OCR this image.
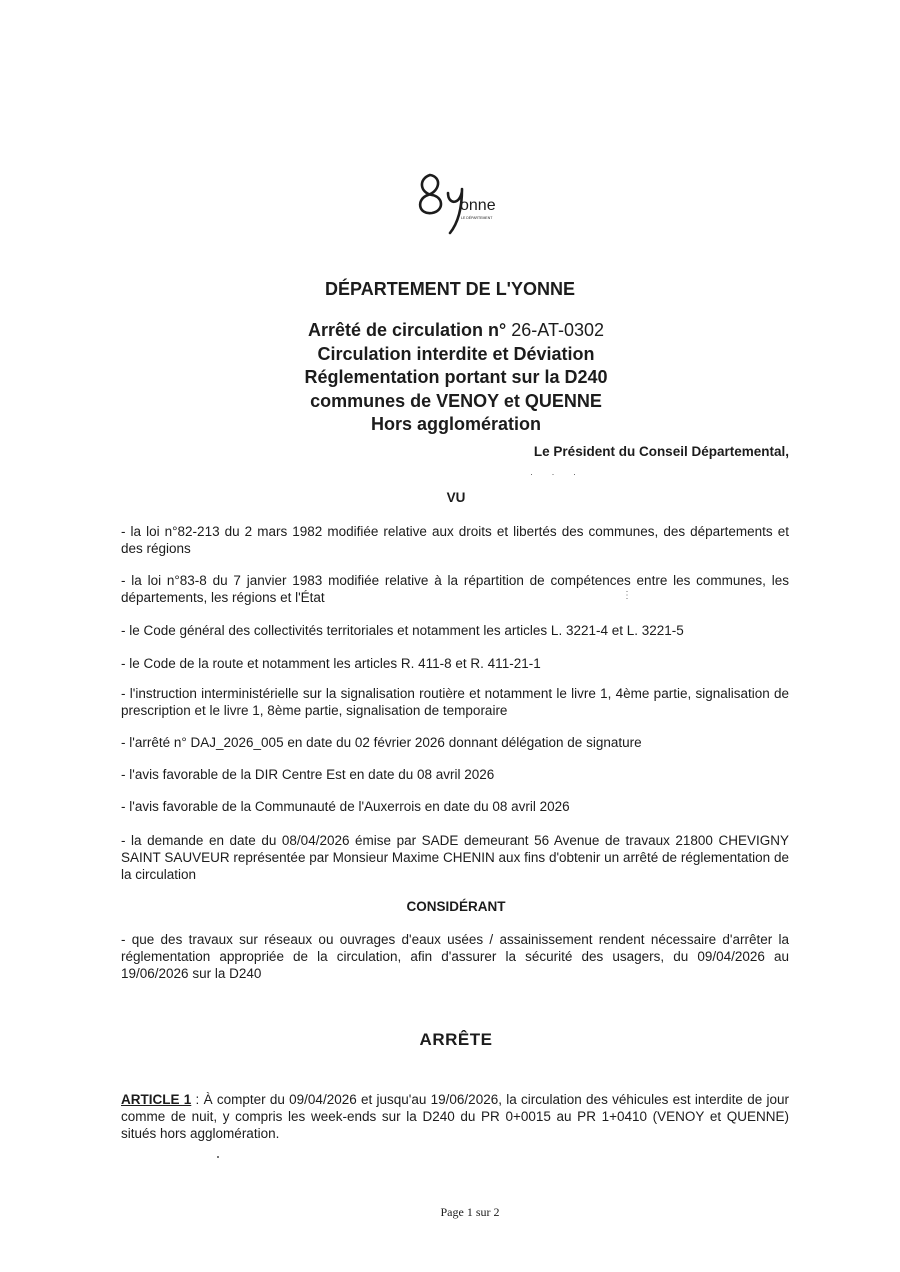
onne
LE DÉPARTEMENT
DÉPARTEMENT DE L'YONNE
Arrêté de circulation n° 26-AT-0302
Circulation interdite et Déviation
Réglementation portant sur la D240
communes de VENOY et QUENNE
Hors agglomération
Le Président du Conseil Départemental,
· · ·
VU
- la loi n°82-213 du 2 mars 1982 modifiée relative aux droits et libertés des communes, des départements et des régions
- la loi n°83-8 du 7 janvier 1983 modifiée relative à la répartition de compétences entre les communes, les départements, les régions et l'État
- le Code général des collectivités territoriales et notamment les articles L. 3221-4 et L. 3221-5
- le Code de la route et notamment les articles R. 411-8 et R. 411-21-1
- l'instruction interministérielle sur la signalisation routière et notamment le livre 1, 4ème partie, signalisation de prescription et le livre 1, 8ème partie, signalisation de temporaire
- l'arrêté n° DAJ_2026_005 en date du 02 février 2026 donnant délégation de signature
- l'avis favorable de la DIR Centre Est en date du 08 avril 2026
- l'avis favorable de la Communauté de l'Auxerrois en date du 08 avril 2026
- la demande en date du 08/04/2026 émise par SADE demeurant 56 Avenue de travaux 21800 CHEVIGNY SAINT SAUVEUR représentée par Monsieur Maxime CHENIN aux fins d'obtenir un arrêté de réglementation de la circulation
CONSIDÉRANT
- que des travaux sur réseaux ou ouvrages d'eaux usées / assainissement rendent nécessaire d'arrêter la réglementation appropriée de la circulation, afin d'assurer la sécurité des usagers, du 09/04/2026 au 19/06/2026 sur la D240
ARRÊTE
ARTICLE 1 : À compter du 09/04/2026 et jusqu'au 19/06/2026, la circulation des véhicules est interdite de jour comme de nuit, y compris les week-ends sur la D240 du PR 0+0015 au PR 1+0410 (VENOY et QUENNE) situés hors agglomération.
⋮
Page 1 sur 2
